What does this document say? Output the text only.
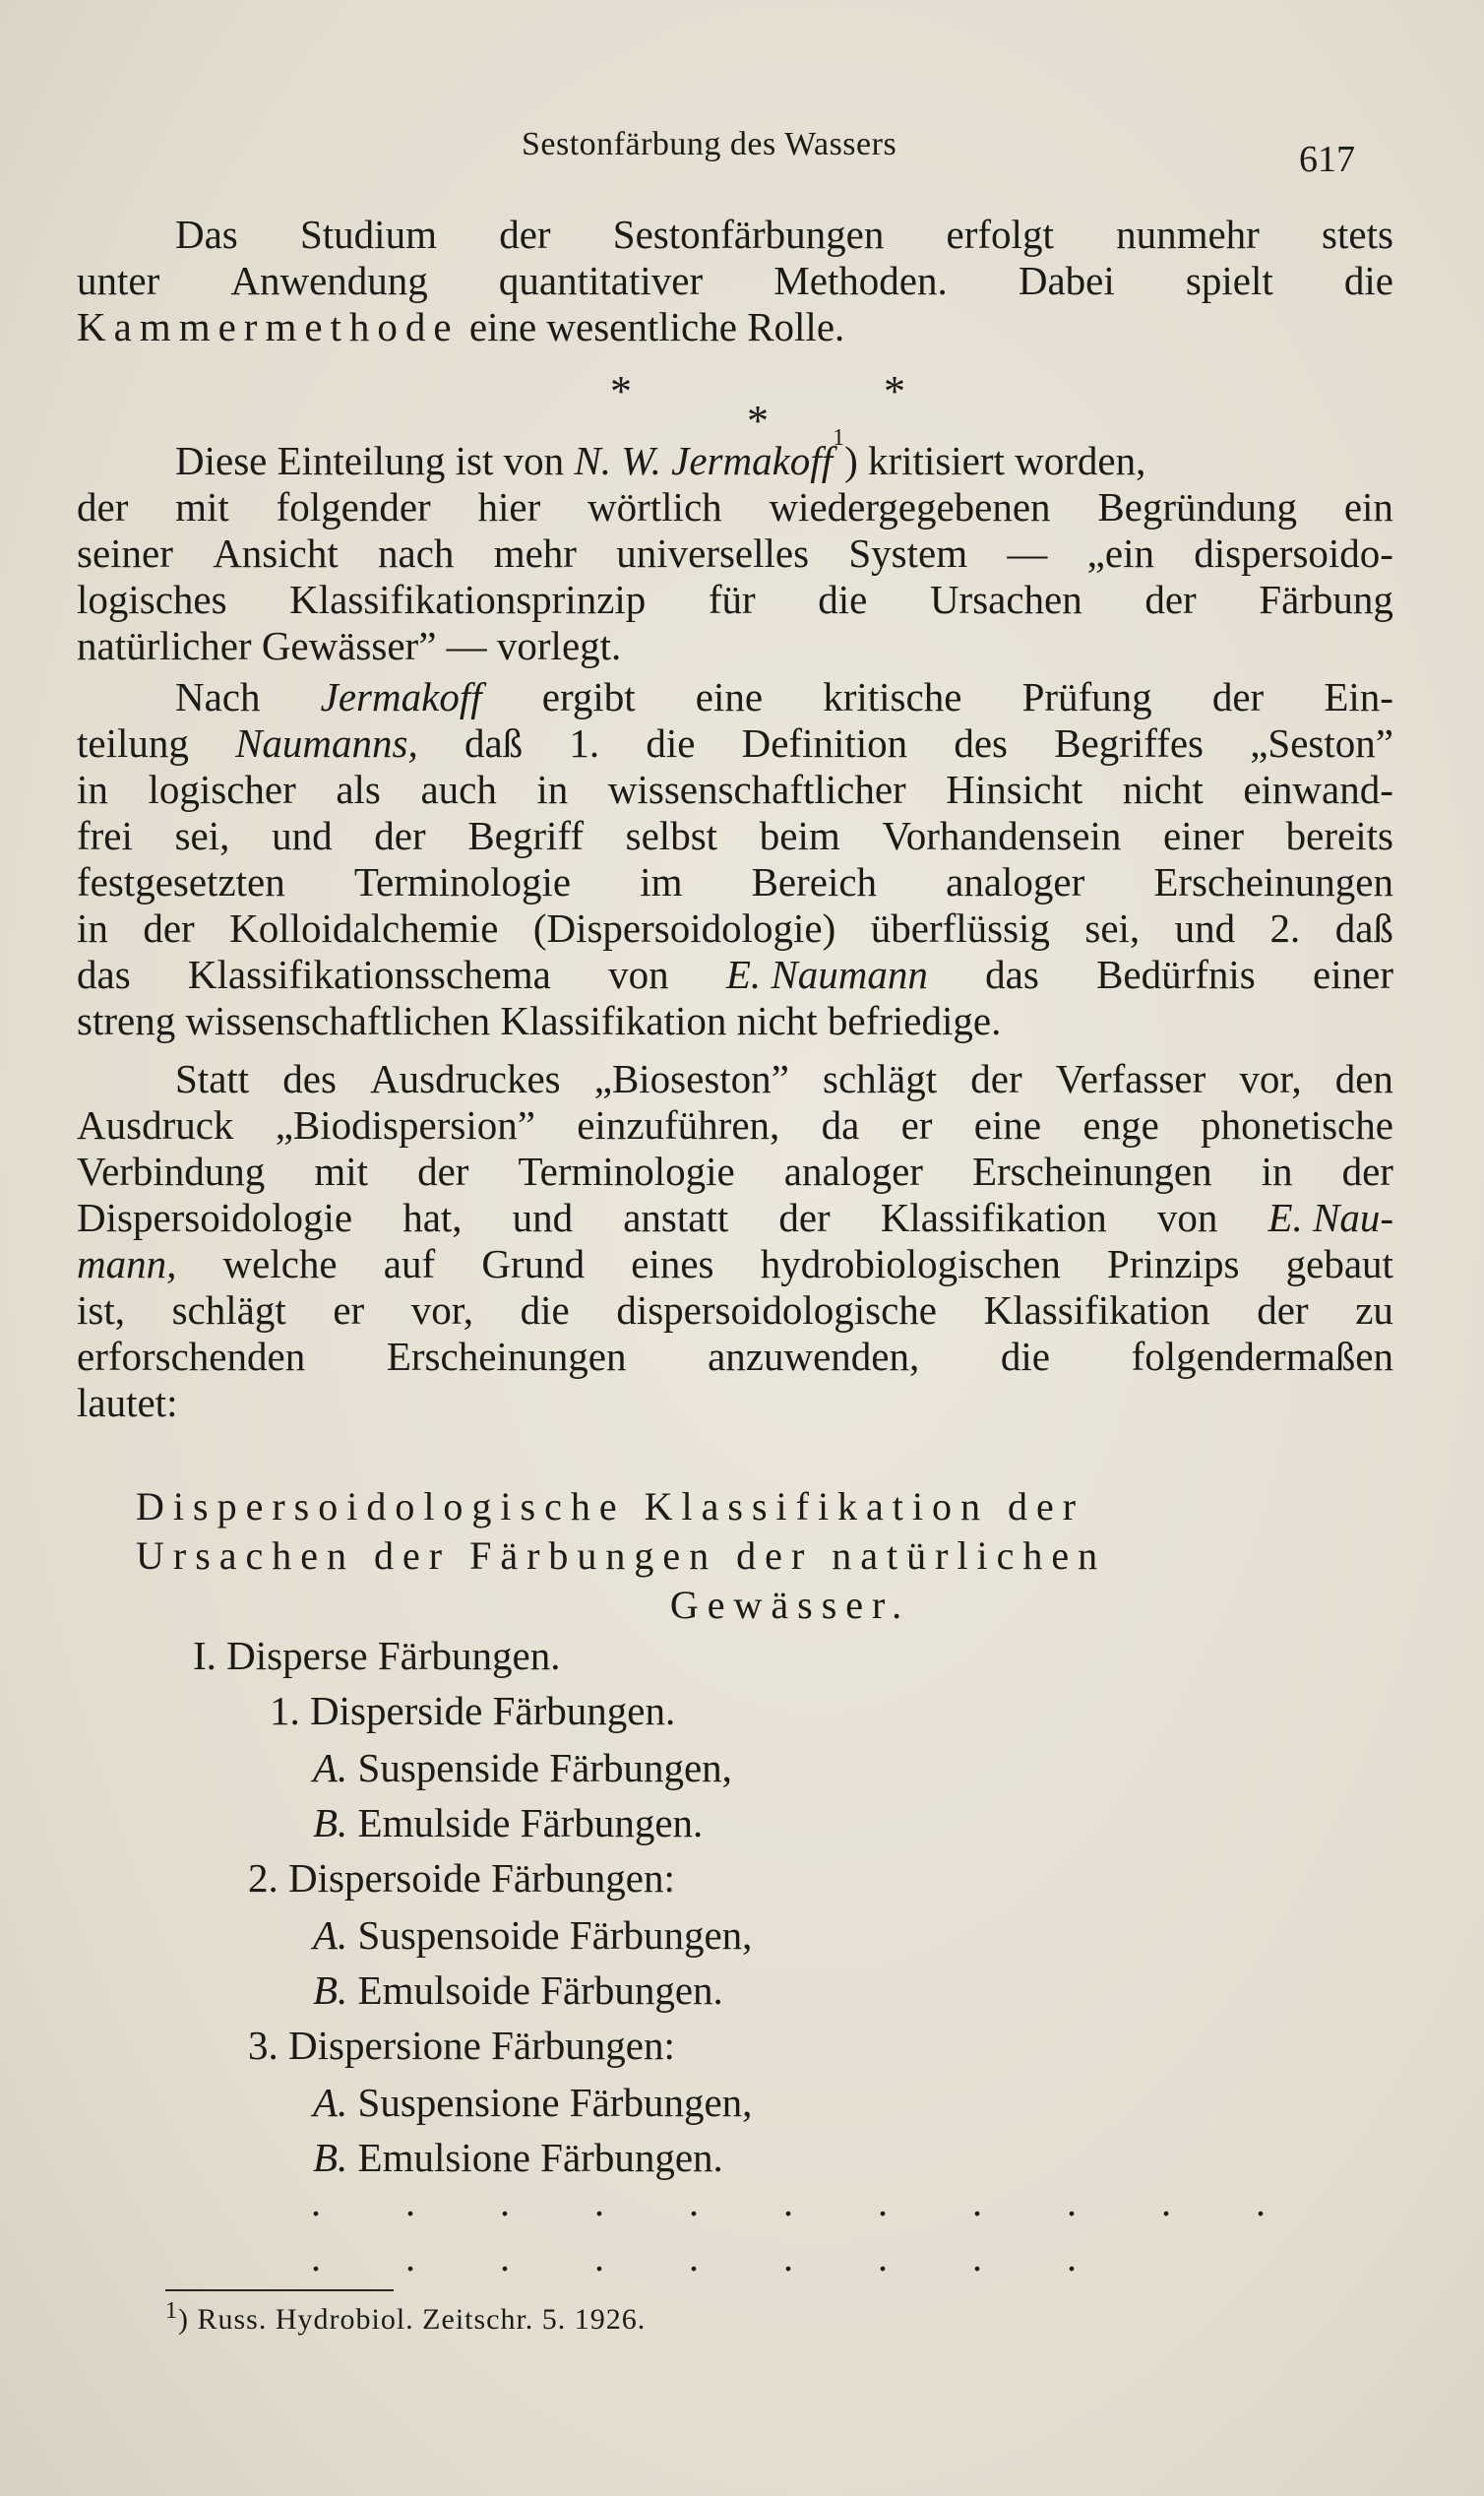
Sestonfärbung des Wassers	617
Das Studium der Sestonfärbungen erfolgt nunmehr stets
unter Anwendung quantitativer Methoden. Dabei spielt die
Kammermethode eine wesentliche Rolle.
*
*
*
Diese Einteilung ist von
N. W. Jermakoff 1 ) kritisiert worden,
der mit folgender hier wörtlich wiedergegebenen Begründung ein
seiner Ansicht nach mehr universelles System — „ein dispersoido-
logisches Klassifikationsprinzip für die Ursachen der Färbung
natürlicher Gewässer” — vorlegt.
Nach Jermakoff ergibt eine kritische Prüfung der Ein-
teilung Naumanns, daß 1. die Definition des Begriffes „Seston”
in logischer als auch in wissenschaftlicher Hinsicht nicht einwand-
frei sei, und der Begriff selbst beim Vorhandensein einer bereits
festgesetzten Terminologie im Bereich analoger Erscheinungen
in der Kolloidalchemie (Dispersoidologie) überflüssig sei, und 2. daß
das Klassifikationsschema von E. Naumann das Bedürfnis einer
streng wissenschaftlichen Klassifikation nicht befriedige.
Statt des Ausdruckes „Bioseston” schlägt der Verfasser vor, den
Ausdruck „Biodispersion” einzuführen, da er eine enge phonetische
Verbindung mit der Terminologie analoger Erscheinungen in der
Dispersoidologie hat, und anstatt der Klassifikation von E. Nau-
mann, welche auf Grund eines hydrobiologischen Prinzips gebaut
ist, schlägt er vor, die dispersoidologische Klassifikation der zu
erforschenden Erscheinungen anzuwenden, die folgendermaßen
lautet:
Dispersoidologische Klassifikation der
Ursachen der Färbungen der natürlichen
Gewässer.
I. Disperse Färbungen.
1. Disperside Färbungen.
A. Suspenside Färbungen,
B. Emulside Färbungen.
2. Dispersoide Färbungen:
A. Suspensoide Färbungen,
B. Emulsoide Färbungen.
3. Dispersione Färbungen:
A. Suspensione Färbungen,
B. Emulsione Färbungen.
. . . . . . . . . . .
. . . . . . . . .
$^1$) Russ. Hydrobiol. Zeitschr. 5. 1926.
